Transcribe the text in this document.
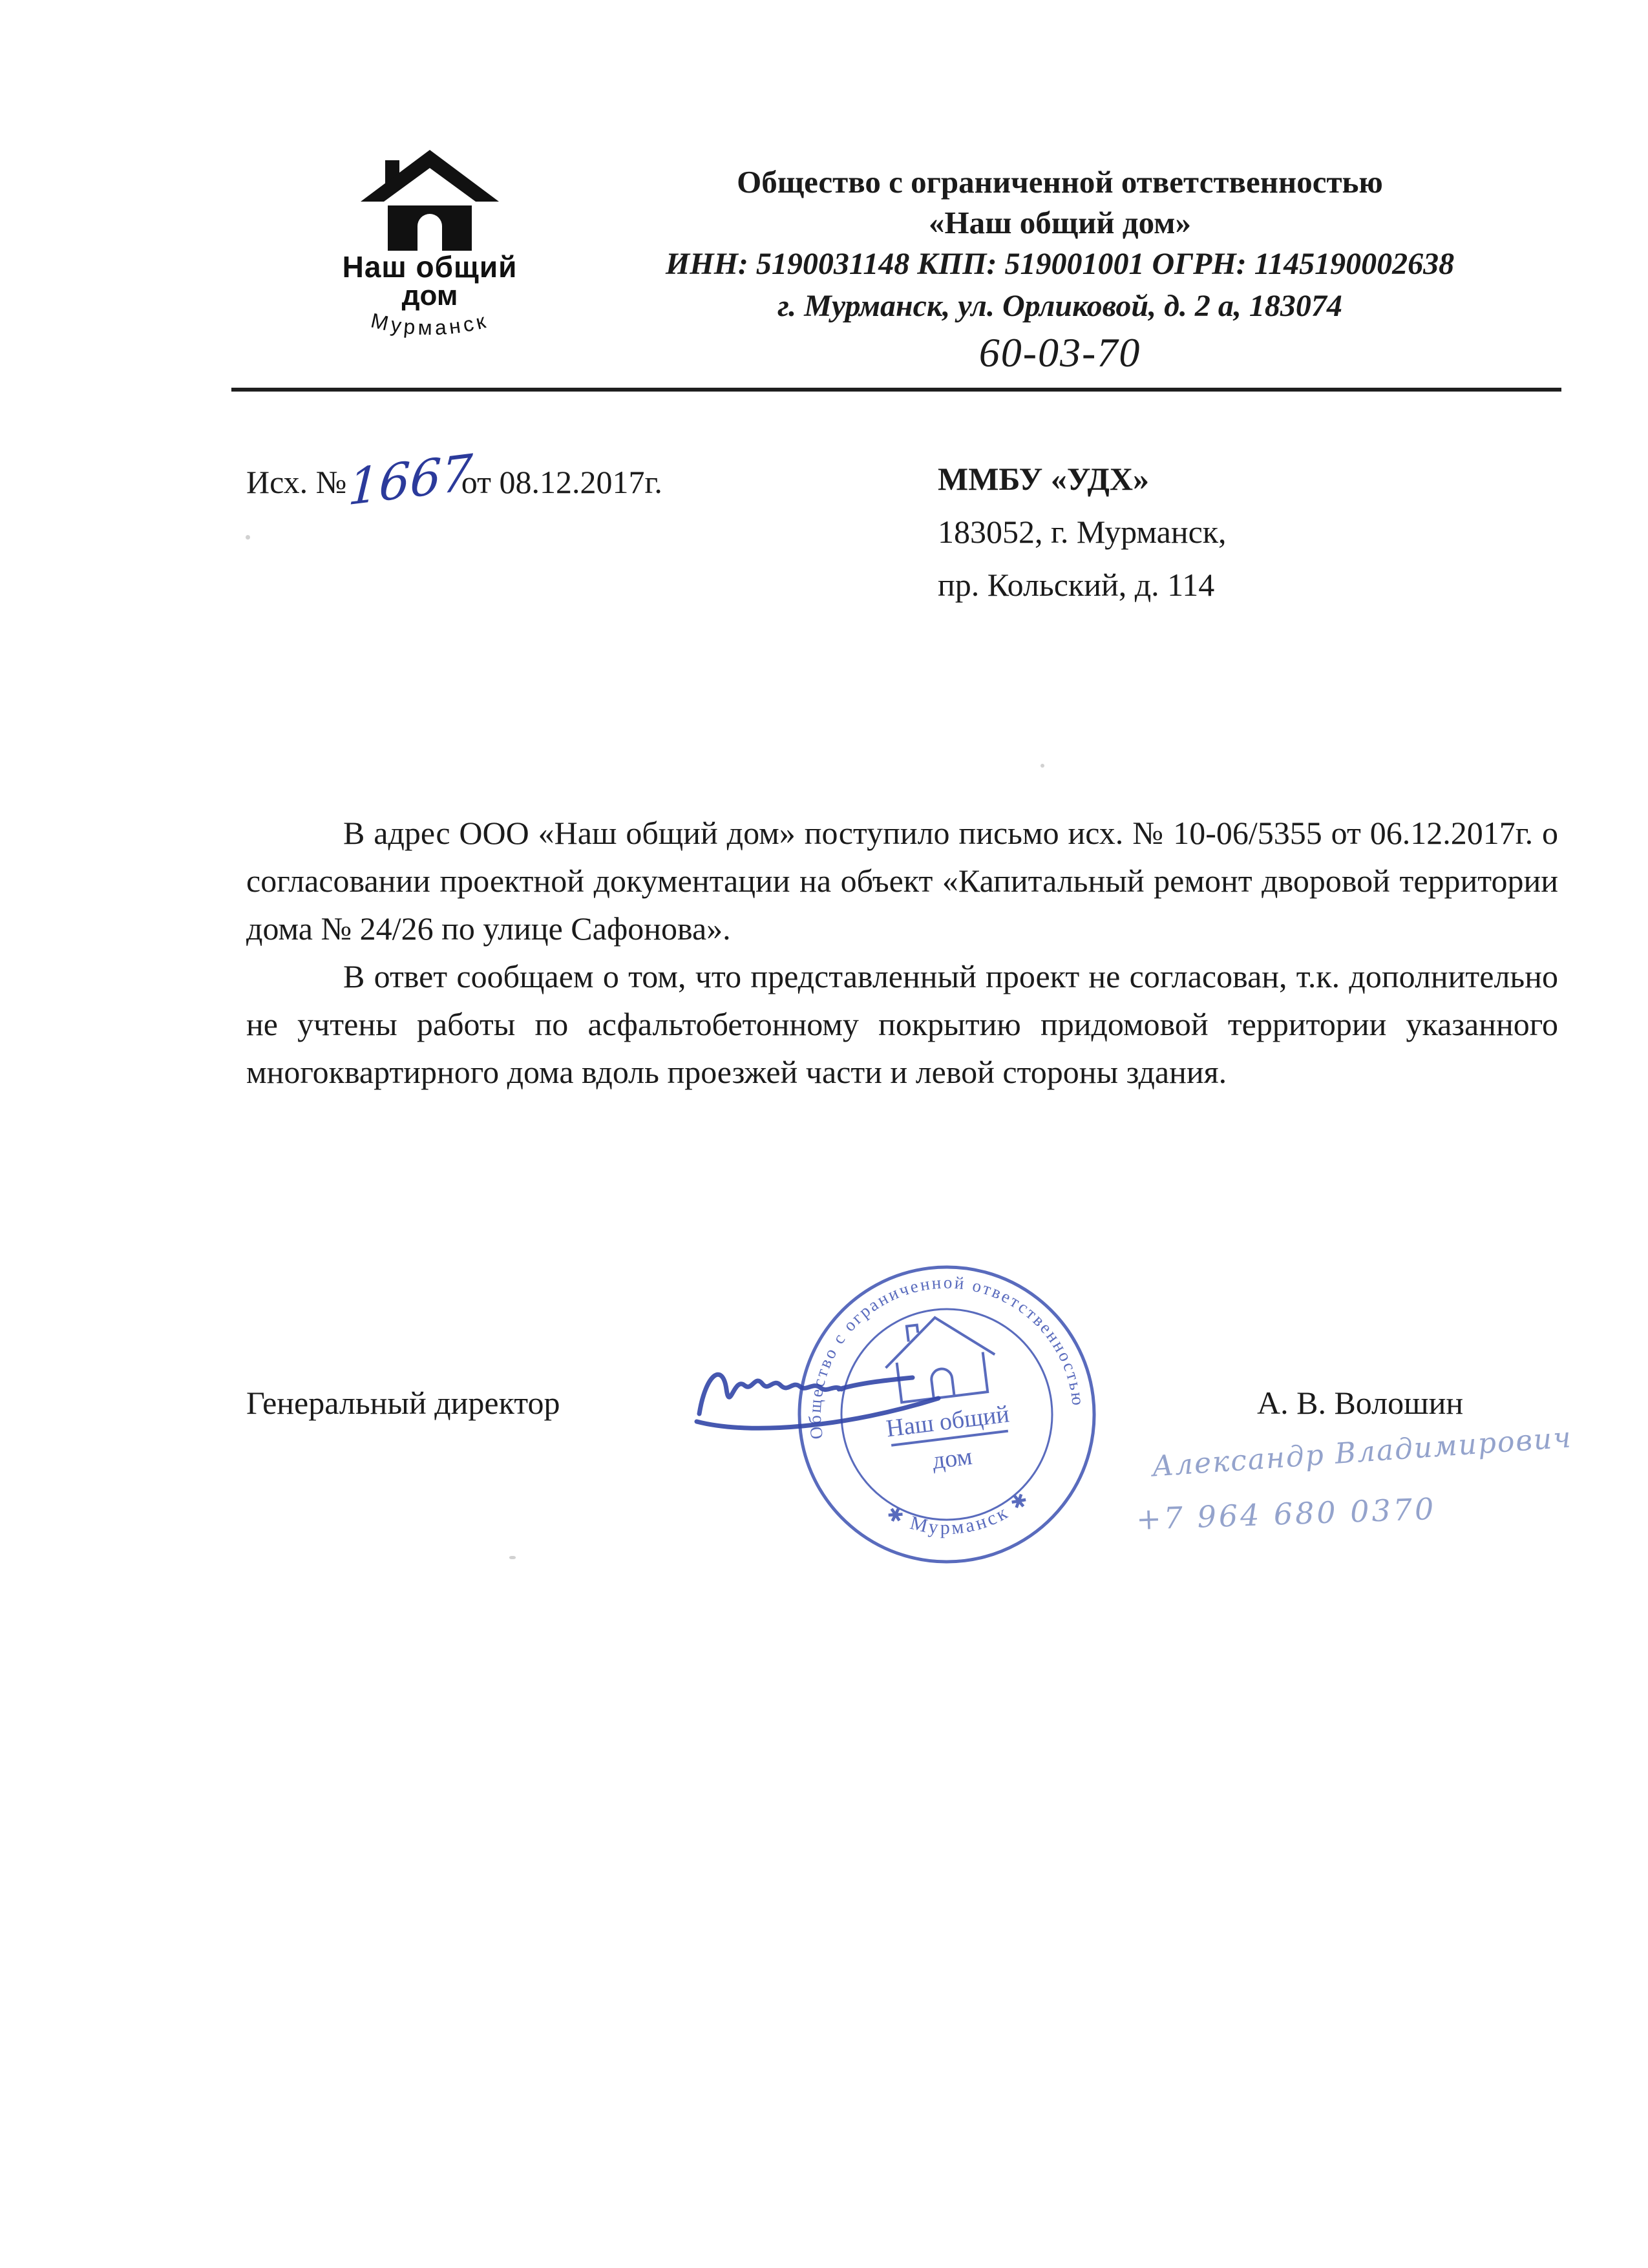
Наш общий
дом
Мурманск
Общество с ограниченной ответственностью
«Наш общий дом»
ИНН: 5190031148 КПП: 519001001 ОГРН: 1145190002638
г. Мурманск, ул. Орликовой, д. 2 а, 183074
60-03-70
Исх. №1667от 08.12.2017г.	ММБУ «УДХ»
183052, г. Мурманск,
пр. Кольский, д. 114

В адрес ООО «Наш общий дом» поступило письмо исх. № 10-06/5355 от 06.12.2017г. о согласовании проектной документации на объект «Капитальный ремонт дворовой территории дома № 24/26 по улице Сафонова».

В ответ сообщаем о том, что представленный проект не согласован, т.к. дополнительно не учтены работы по асфальтобетонному покрытию придомовой территории указанного многоквартирного дома вдоль проезжей части и левой стороны здания.

Генеральный директор	А. В. Волошин
Общество с ограниченной ответственностью
✱ Мурманск ✱
Наш общий
дом	Александр Владимирович
+7 964 680 0370
